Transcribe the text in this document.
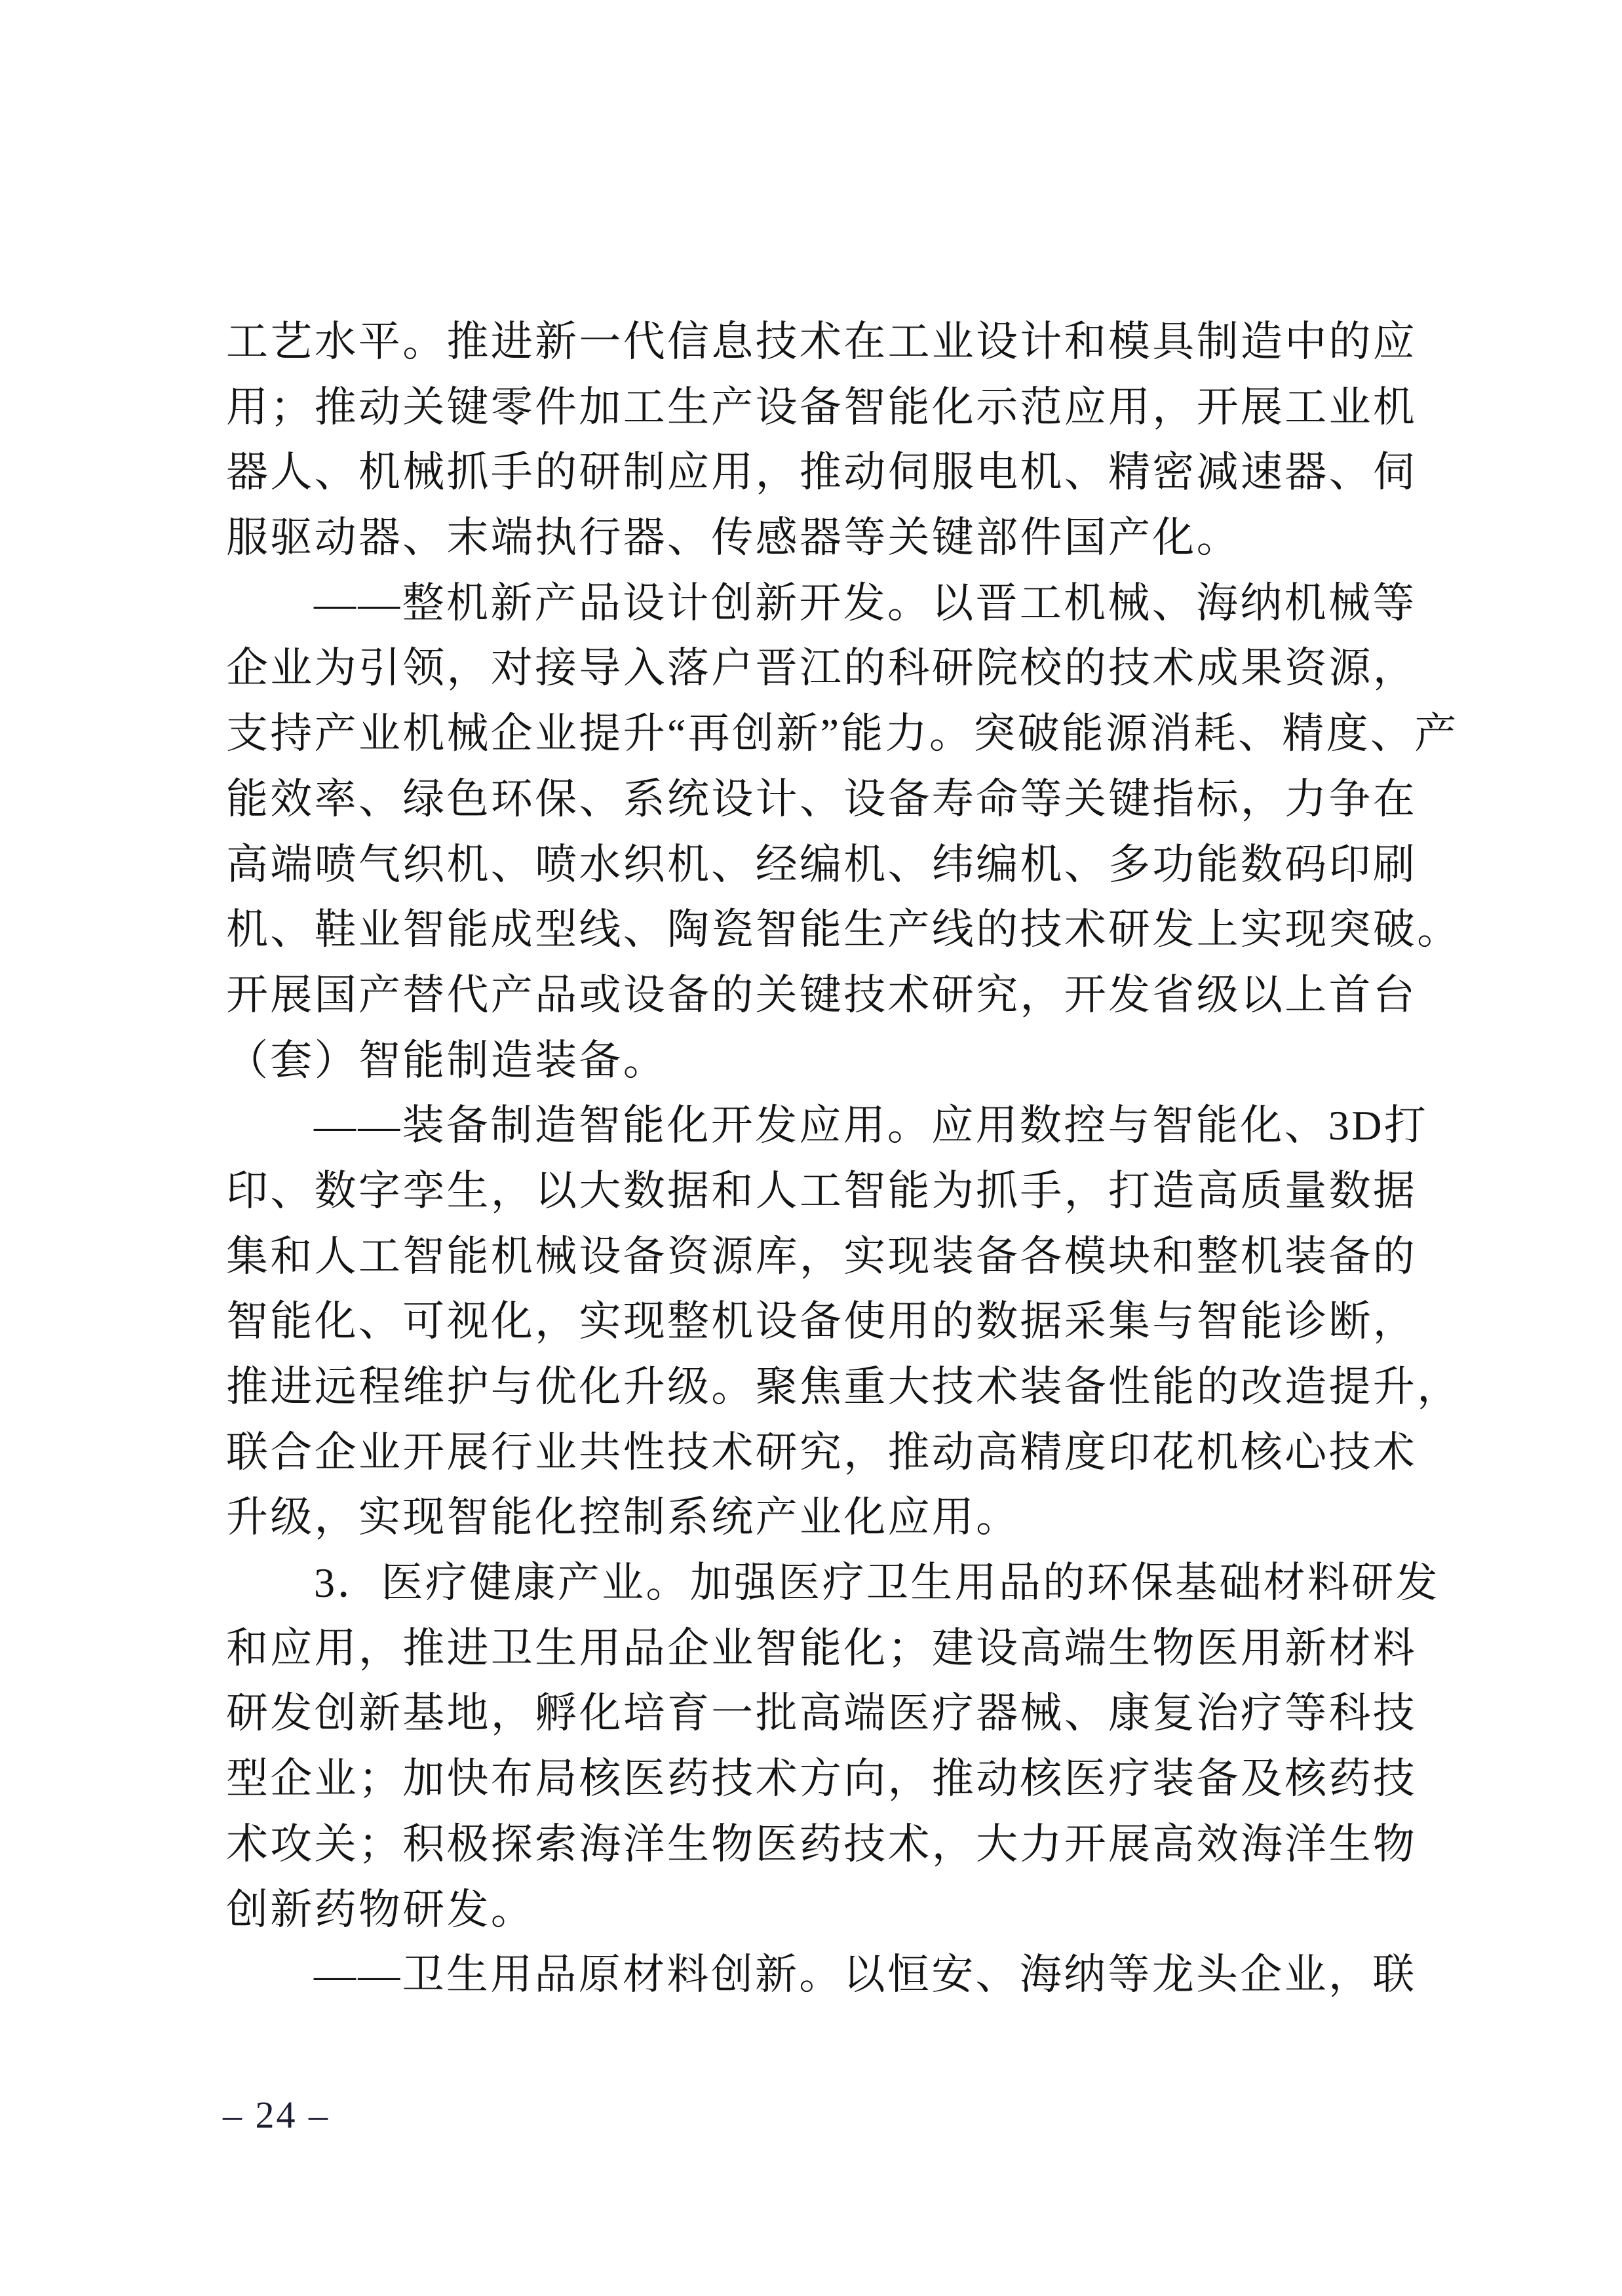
工艺水平。推进新一代信息技术在工业设计和模具制造中的应
用；推动关键零件加工生产设备智能化示范应用，开展工业机
器人、机械抓手的研制应用，推动伺服电机、精密减速器、伺
服驱动器、末端执行器、传感器等关键部件国产化。
——整机新产品设计创新开发。以晋工机械、海纳机械等
企业为引领，对接导入落户晋江的科研院校的技术成果资源，
支持产业机械企业提升“再创新”能力。突破能源消耗、精度、产
能效率、绿色环保、系统设计、设备寿命等关键指标，力争在
高端喷气织机、喷水织机、经编机、纬编机、多功能数码印刷
机、鞋业智能成型线、陶瓷智能生产线的技术研发上实现突破。
开展国产替代产品或设备的关键技术研究，开发省级以上首台
（套）智能制造装备。
——装备制造智能化开发应用。应用数控与智能化、3D打
印、数字孪生，以大数据和人工智能为抓手，打造高质量数据
集和人工智能机械设备资源库，实现装备各模块和整机装备的
智能化、可视化，实现整机设备使用的数据采集与智能诊断，
推进远程维护与优化升级。聚焦重大技术装备性能的改造提升，
联合企业开展行业共性技术研究，推动高精度印花机核心技术
升级，实现智能化控制系统产业化应用。
3．医疗健康产业。加强医疗卫生用品的环保基础材料研发
和应用，推进卫生用品企业智能化；建设高端生物医用新材料
研发创新基地，孵化培育一批高端医疗器械、康复治疗等科技
型企业；加快布局核医药技术方向，推动核医疗装备及核药技
术攻关；积极探索海洋生物医药技术，大力开展高效海洋生物
创新药物研发。
——卫生用品原材料创新。以恒安、海纳等龙头企业，联
– 24 –
